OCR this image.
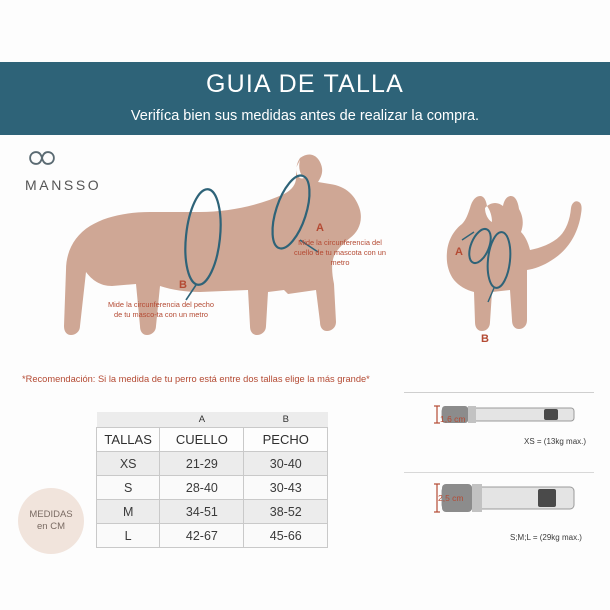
GUIA DE TALLA
Verifíca bien sus medidas antes de realizar la compra.
MANSSO
A
B
A
B
Mide la circunferencia del cuello de tu mascota con un metro
Mide la circunferencia del pecho de tu masco-ta con un metro
*Recomendación: Si la medida de tu perro está entre dos tallas elige la más grande*
	A	B
TALLAS	CUELLO	PECHO
XS	21-29	30-40
S	28-40	30-43
M	34-51	38-52
L	42-67	45-66
MEDIDAS
en CM
1,6 cm
XS = (13kg max.)
2,5 cm
S;M;L = (29kg max.)
